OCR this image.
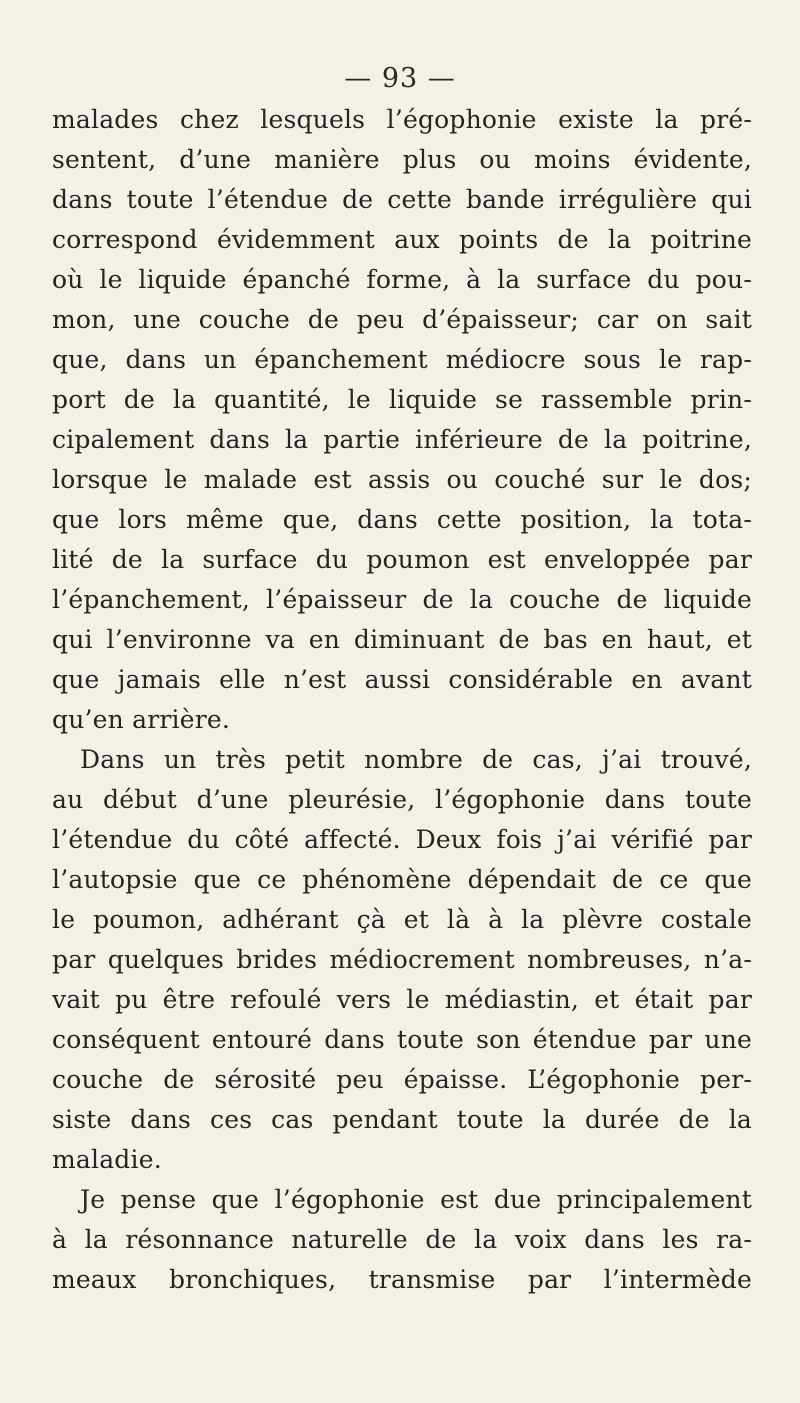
— 93 —
malades chez lesquels l’égophonie existe la pré-
sentent, d’une manière plus ou moins évidente,
dans toute l’étendue de cette bande irrégulière qui
correspond évidemment aux points de la poitrine
où le liquide épanché forme, à la surface du pou-
mon, une couche de peu d’épaisseur; car on sait
que, dans un épanchement médiocre sous le rap-
port de la quantité, le liquide se rassemble prin-
cipalement dans la partie inférieure de la poitrine,
lorsque le malade est assis ou couché sur le dos;
que lors même que, dans cette position, la tota-
lité de la surface du poumon est enveloppée par
l’épanchement, l’épaisseur de la couche de liquide
qui l’environne va en diminuant de bas en haut, et
que jamais elle n’est aussi considérable en avant
qu’en arrière.
Dans un très petit nombre de cas, j’ai trouvé,
au début d’une pleurésie, l’égophonie dans toute
l’étendue du côté affecté. Deux fois j’ai vérifié par
l’autopsie que ce phénomène dépendait de ce que
le poumon, adhérant çà et là à la plèvre costale
par quelques brides médiocrement nombreuses, n’a-
vait pu être refoulé vers le médiastin, et était par
conséquent entouré dans toute son étendue par une
couche de sérosité peu épaisse. L’égophonie per-
siste dans ces cas pendant toute la durée de la
maladie.
Je pense que l’égophonie est due principalement
à la résonnance naturelle de la voix dans les ra-
meaux bronchiques, transmise par l’intermède
